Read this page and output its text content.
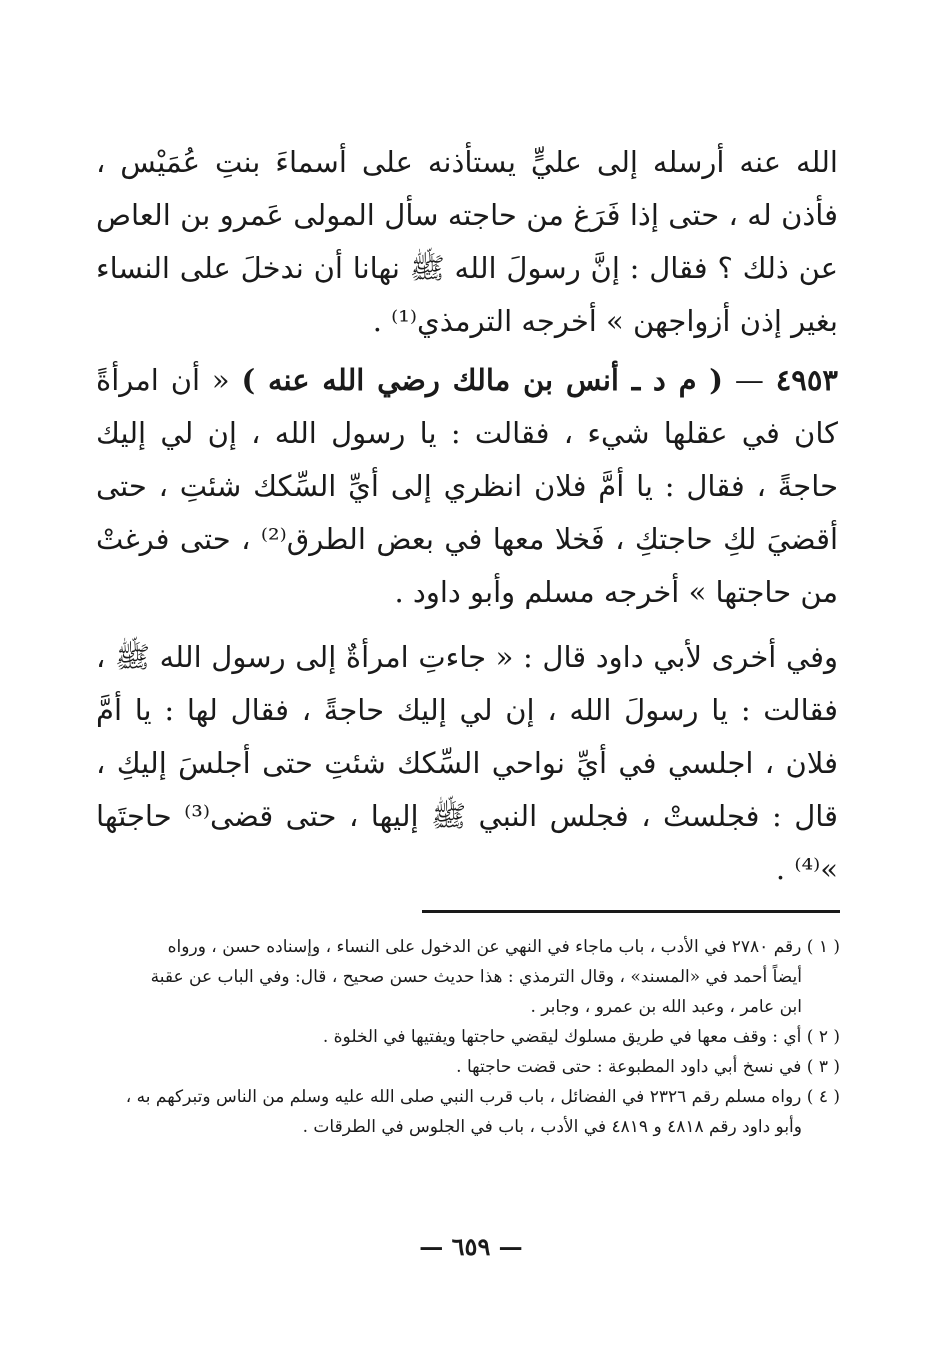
الله عنه أرسله إلى عليٍّ يستأذنه على أسماءَ بنتِ عُمَيْس ، فأذن له ، حتى إذا فَرَغ من حاجته سأل المولى عَمرو بن العاص عن ذلك ؟ فقال : إنَّ رسولَ الله ﷺ نهانا أن ندخلَ على النساء بغير إذن أزواجهن » أخرجه الترمذي⁽¹⁾ .

٤٩٥٣ — ( م د ـ أنس بن مالك رضي الله عنه ) « أن امرأةً كان في عقلها شيء ، فقالت : يا رسول الله ، إن لي إليك حاجةً ، فقال : يا أمَّ فلان انظري إلى أيِّ السِّكك شئتِ ، حتى أقضيَ لكِ حاجتكِ ، فَخلا معها في بعض الطرق⁽²⁾ ، حتى فرغتْ من حاجتها » أخرجه مسلم وأبو داود .

وفي أخرى لأبي داود قال : « جاءتِ امرأةٌ إلى رسول الله ﷺ ، فقالت : يا رسولَ الله ، إن لي إليك حاجةً ، فقال لها : يا أمَّ فلان ، اجلسي في أيِّ نواحي السِّكك شئتِ حتى أجلسَ إليكِ ، قال : فجلستْ ، فجلس النبي ﷺ إليها ، حتى قضى⁽³⁾ حاجتَها »⁽⁴⁾ .

( ١ ) رقم ٢٧٨٠ في الأدب ، باب ماجاء في النهي عن الدخول على النساء ، وإسناده حسن ، ورواه

أيضاً أحمد في «المسند» ، وقال الترمذي : هذا حديث حسن صحيح ، قال: وفي الباب عن عقبة

ابن عامر ، وعبد الله بن عمرو ، وجابر .

( ٢ ) أي : وقف معها في طريق مسلوك ليقضي حاجتها ويفتيها في الخلوة .

( ٣ ) في نسخ أبي داود المطبوعة : حتى قضت حاجتها .

( ٤ ) رواه مسلم رقم ٢٣٢٦ في الفضائل ، باب قرب النبي صلى الله عليه وسلم من الناس وتبركهم به ،

وأبو داود رقم ٤٨١٨ و ٤٨١٩ في الأدب ، باب في الجلوس في الطرقات .

— ٦٥٩ —
